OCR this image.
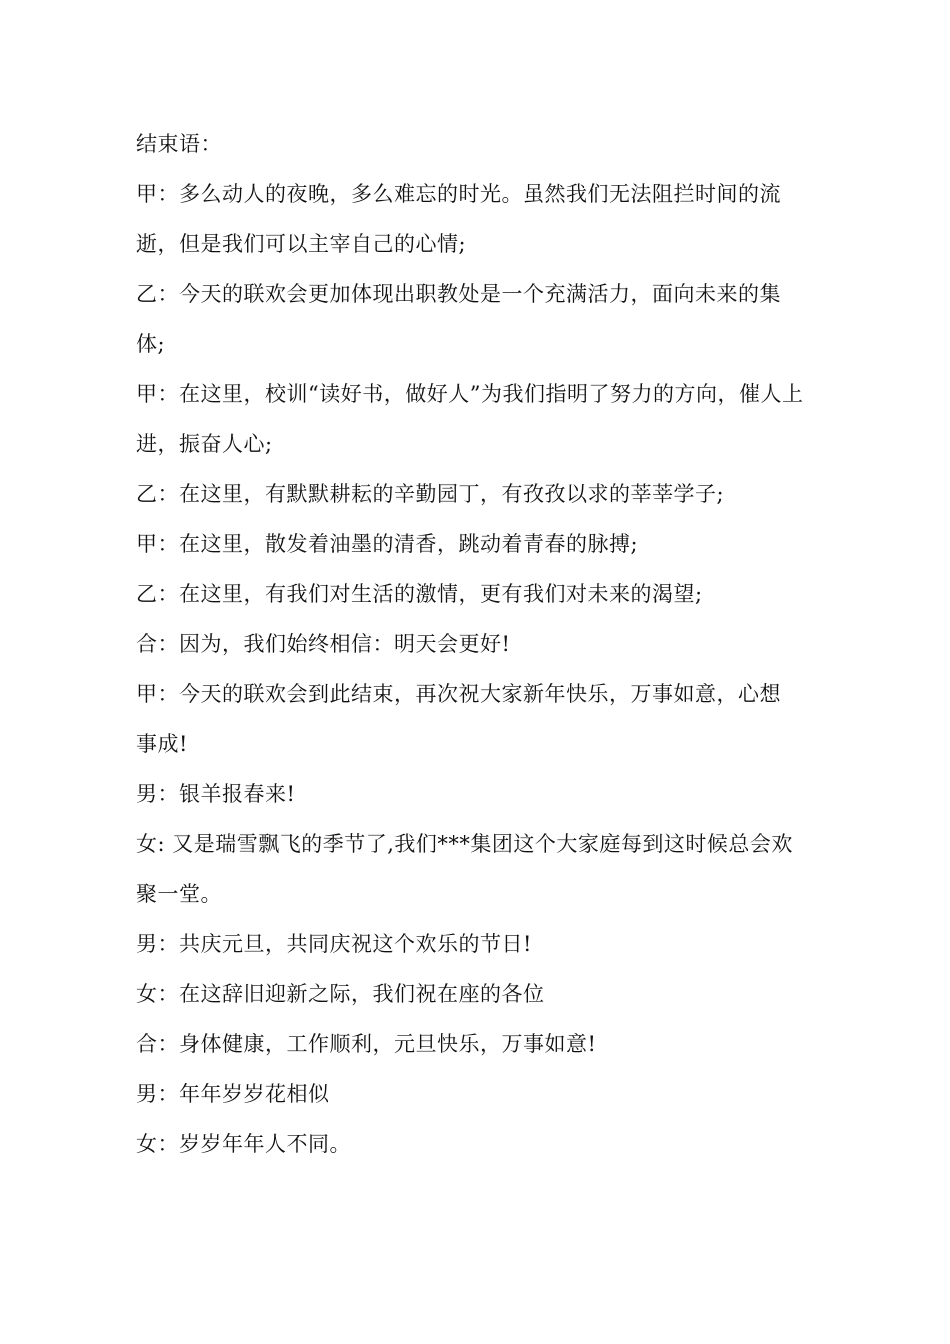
结束语：
甲：多么动人的夜晚，多么难忘的时光。虽然我们无法阻拦时间的流
逝，但是我们可以主宰自己的心情;
乙：今天的联欢会更加体现出职教处是一个充满活力，面向未来的集
体;
甲：在这里，校训“读好书，做好人”为我们指明了努力的方向，催人上
进，振奋人心;
乙：在这里，有默默耕耘的辛勤园丁，有孜孜以求的莘莘学子;
甲：在这里，散发着油墨的清香，跳动着青春的脉搏;
乙：在这里，有我们对生活的激情，更有我们对未来的渴望;
合：因为，我们始终相信：明天会更好!
甲：今天的联欢会到此结束，再次祝大家新年快乐，万事如意，心想
事成!
男：银羊报春来!
女: 又是瑞雪飘飞的季节了,我们***集团这个大家庭每到这时候总会欢
聚一堂。
男：共庆元旦，共同庆祝这个欢乐的节日!
女：在这辞旧迎新之际，我们祝在座的各位
合：身体健康，工作顺利，元旦快乐，万事如意!
男：年年岁岁花相似
女：岁岁年年人不同。
